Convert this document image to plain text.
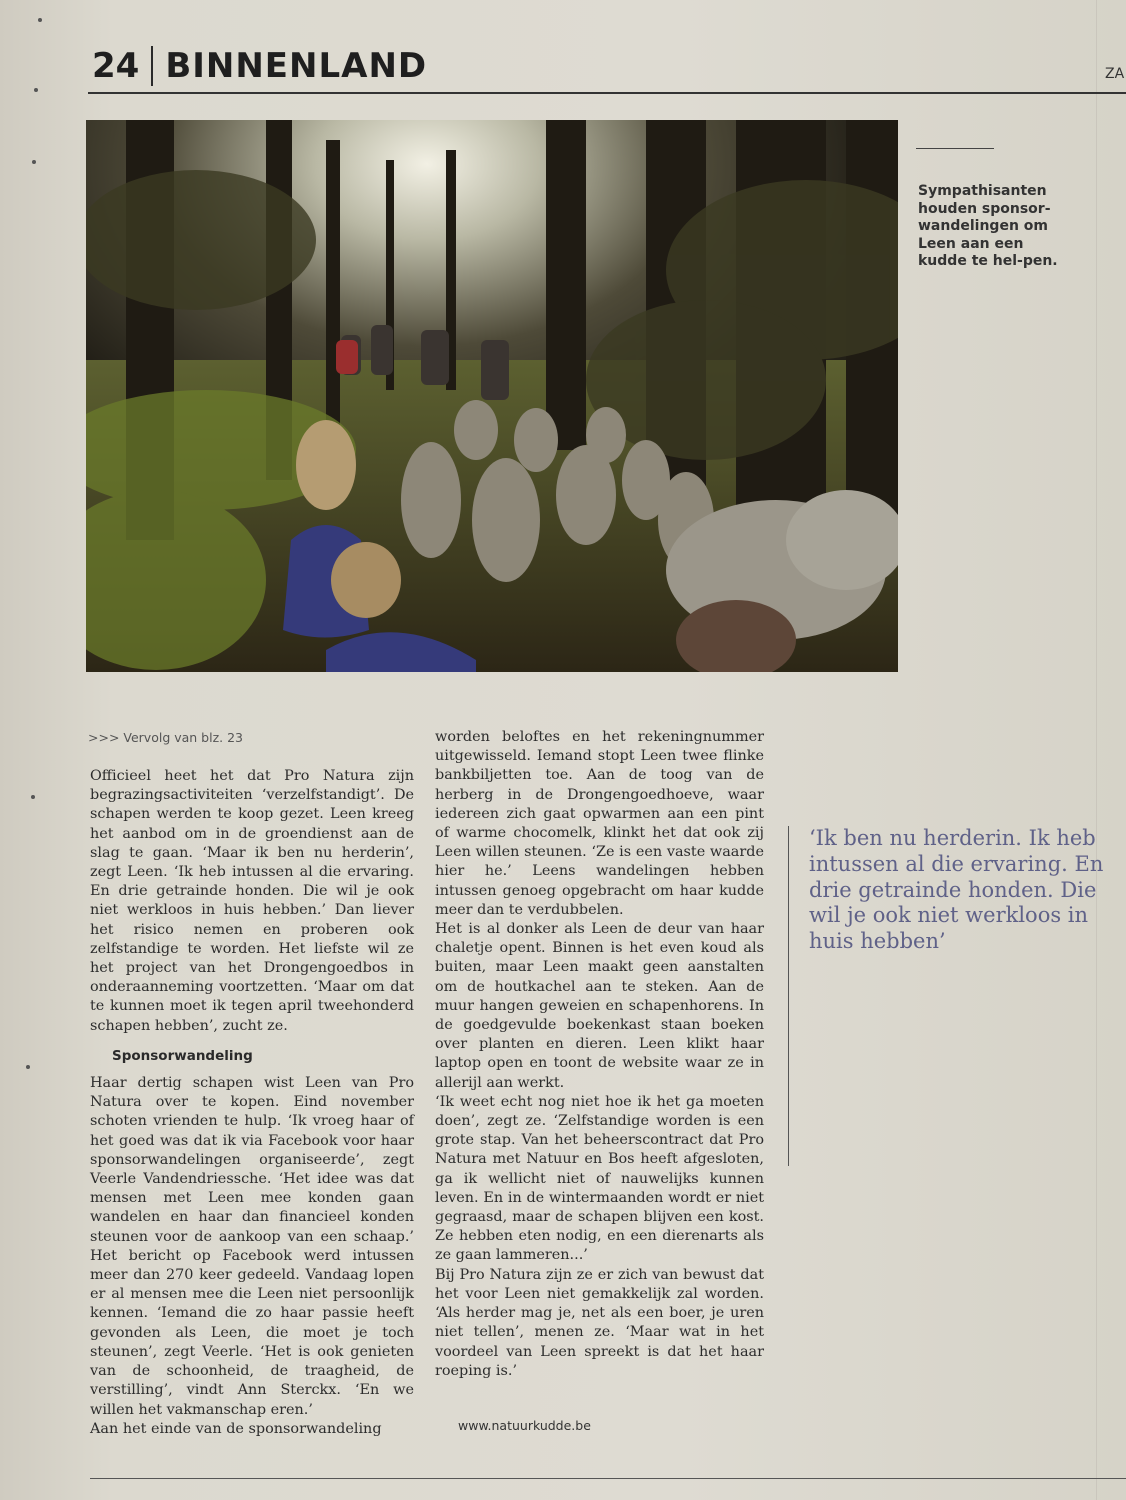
24 BINNENLAND	ZA
Sympathisanten houden sponsor-wandelingen om Leen aan een kudde te hel-pen.
>>> Vervolg van blz. 23

Officieel heet het dat Pro Natura zijn begrazingsactiviteiten ‘verzelfstandigt’. De schapen werden te koop gezet. Leen kreeg het aanbod om in de groendienst aan de slag te gaan. ‘Maar ik ben nu herderin’, zegt Leen. ‘Ik heb intussen al die ervaring. En drie getrainde honden. Die wil je ook niet werkloos in huis hebben.’ Dan liever het risico nemen en proberen ook zelfstandige te worden. Het liefste wil ze het project van het Drongengoedbos in onderaanneming voortzetten. ‘Maar om dat te kunnen moet ik tegen april tweehonderd schapen hebben’, zucht ze.

Sponsorwandeling

Haar dertig schapen wist Leen van Pro Natura over te kopen. Eind november schoten vrienden te hulp. ‘Ik vroeg haar of het goed was dat ik via Facebook voor haar sponsorwandelingen organiseerde’, zegt Veerle Vandendriessche. ‘Het idee was dat mensen met Leen mee konden gaan wandelen en haar dan financieel konden steunen voor de aankoop van een schaap.’ Het bericht op Facebook werd intussen meer dan 270 keer gedeeld. Vandaag lopen er al mensen mee die Leen niet persoonlijk kennen. ‘Iemand die zo haar passie heeft gevonden als Leen, die moet je toch steunen’, zegt Veerle. ‘Het is ook genieten van de schoonheid, de traagheid, de verstilling’, vindt Ann Sterckx. ‘En we willen het vakmanschap eren.’

Aan het einde van de sponsorwandeling

worden beloftes en het rekeningnummer uitgewisseld. Iemand stopt Leen twee flinke bankbiljetten toe. Aan de toog van de herberg in de Drongengoedhoeve, waar iedereen zich gaat opwarmen aan een pint of warme chocomelk, klinkt het dat ook zij Leen willen steunen. ‘Ze is een vaste waarde hier he.’ Leens wandelingen hebben intussen genoeg opgebracht om haar kudde meer dan te verdubbelen.

Het is al donker als Leen de deur van haar chaletje opent. Binnen is het even koud als buiten, maar Leen maakt geen aanstalten om de houtkachel aan te steken. Aan de muur hangen geweien en schapenhorens. In de goedgevulde boekenkast staan boeken over planten en dieren. Leen klikt haar laptop open en toont de website waar ze in allerijl aan werkt.

‘Ik weet echt nog niet hoe ik het ga moeten doen’, zegt ze. ‘Zelfstandige worden is een grote stap. Van het beheerscontract dat Pro Natura met Natuur en Bos heeft afgesloten, ga ik wellicht niet of nauwelijks kunnen leven. En in de wintermaanden wordt er niet gegraasd, maar de schapen blijven een kost. Ze hebben eten nodig, en een dierenarts als ze gaan lammeren...’

Bij Pro Natura zijn ze er zich van bewust dat het voor Leen niet gemakkelijk zal worden. ‘Als herder mag je, net als een boer, je uren niet tellen’, menen ze. ‘Maar wat in het voordeel van Leen spreekt is dat het haar roeping is.’

www.natuurkudde.be
‘Ik ben nu herderin. Ik heb intussen al die ervaring. En drie getrainde honden. Die wil je ook niet werkloos in huis hebben’
